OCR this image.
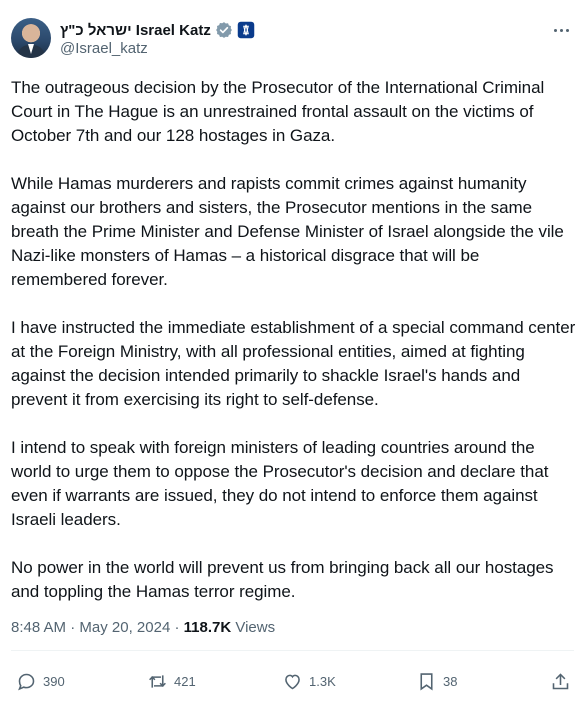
ישראל כ"ץ Israel Katz
@Israel_katz

The outrageous decision by the Prosecutor of the International Criminal Court in The Hague is an unrestrained frontal assault on the victims of October 7th and our 128 hostages in Gaza.

While Hamas murderers and rapists commit crimes against humanity against our brothers and sisters, the Prosecutor mentions in the same breath the Prime Minister and Defense Minister of Israel alongside the vile Nazi-like monsters of Hamas – a historical disgrace that will be remembered forever.

I have instructed the immediate establishment of a special command center at the Foreign Ministry, with all professional entities, aimed at fighting against the decision intended primarily to shackle Israel's hands and prevent it from exercising its right to self-defense.

I intend to speak with foreign ministers of leading countries around the world to urge them to oppose the Prosecutor's decision and declare that even if warrants are issued, they do not intend to enforce them against Israeli leaders.

No power in the world will prevent us from bringing back all our hostages and toppling the Hamas terror regime.

8:48 AM · May 20, 2024 · 118.7K Views
390	421	1.3K	38
